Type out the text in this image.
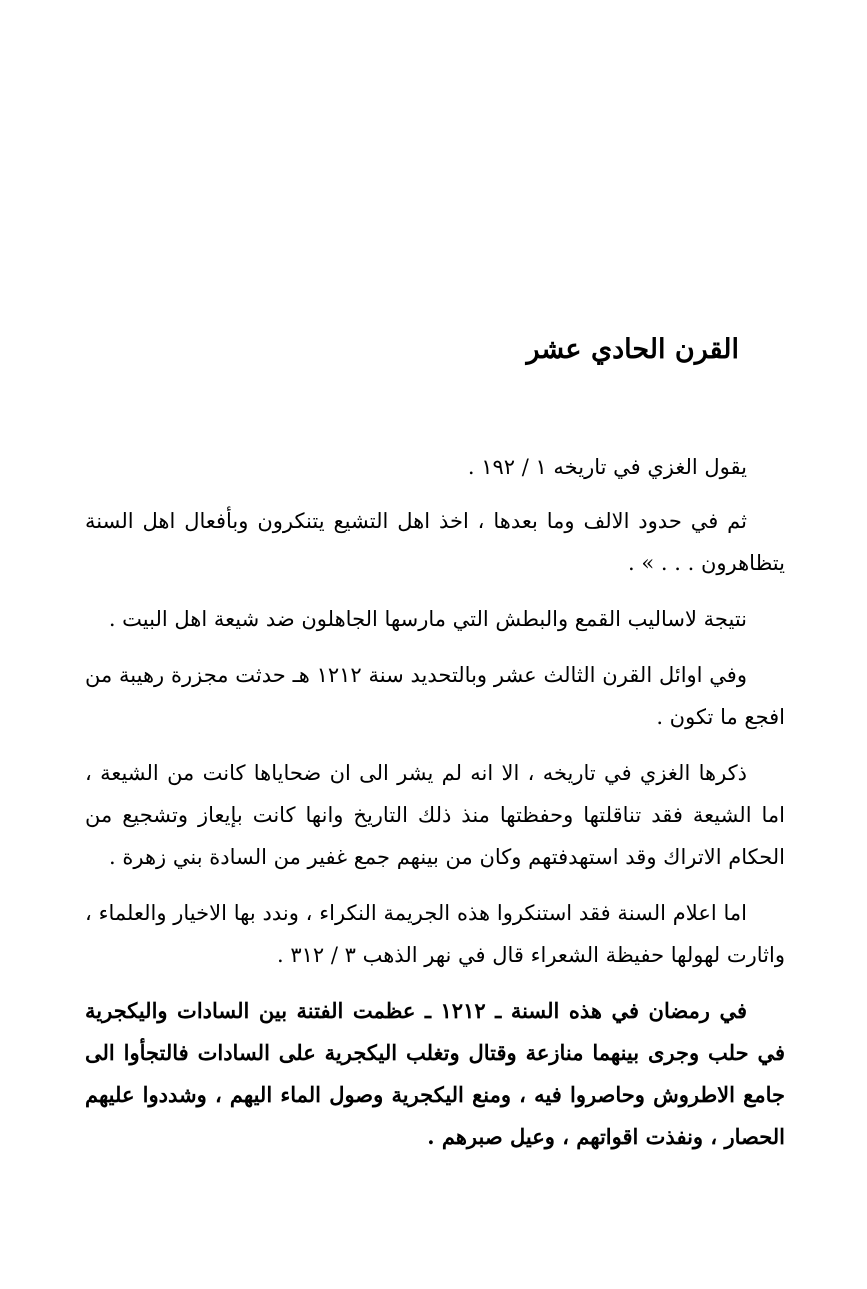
القرن الحادي عشر

يقول الغزي في تاريخه ١ / ١٩٢ .

ثم في حدود الالف وما بعدها ، اخذ اهل التشيع يتنكرون وبأفعال اهل السنة يتظاهرون . . . » .

نتيجة لاساليب القمع والبطش التي مارسها الجاهلون ضد شيعة اهل البيت .

وفي اوائل القرن الثالث عشر وبالتحديد سنة ١٢١٢ هـ حدثت مجزرة رهيبة من افجع ما تكون .

ذكرها الغزي في تاريخه ، الا انه لم يشر الى ان ضحاياها كانت من الشيعة ، اما الشيعة فقد تناقلتها وحفظتها منذ ذلك التاريخ وانها كانت بإيعاز وتشجيع من الحكام الاتراك وقد استهدفتهم وكان من بينهم جمع غفير من السادة بني زهرة .

اما اعلام السنة فقد استنكروا هذه الجريمة النكراء ، وندد بها الاخيار والعلماء ، واثارت لهولها حفيظة الشعراء قال في نهر الذهب ٣ / ٣١٢ .

في رمضان في هذه السنة ـ ١٢١٢ ـ عظمت الفتنة بين السادات واليكجرية في حلب وجرى بينهما منازعة وقتال وتغلب اليكجرية على السادات فالتجأوا الى جامع الاطروش وحاصروا فيه ، ومنع اليكجرية وصول الماء اليهم ، وشددوا عليهم الحصار ، ونفذت اقواتهم ، وعيل صبرهم .
